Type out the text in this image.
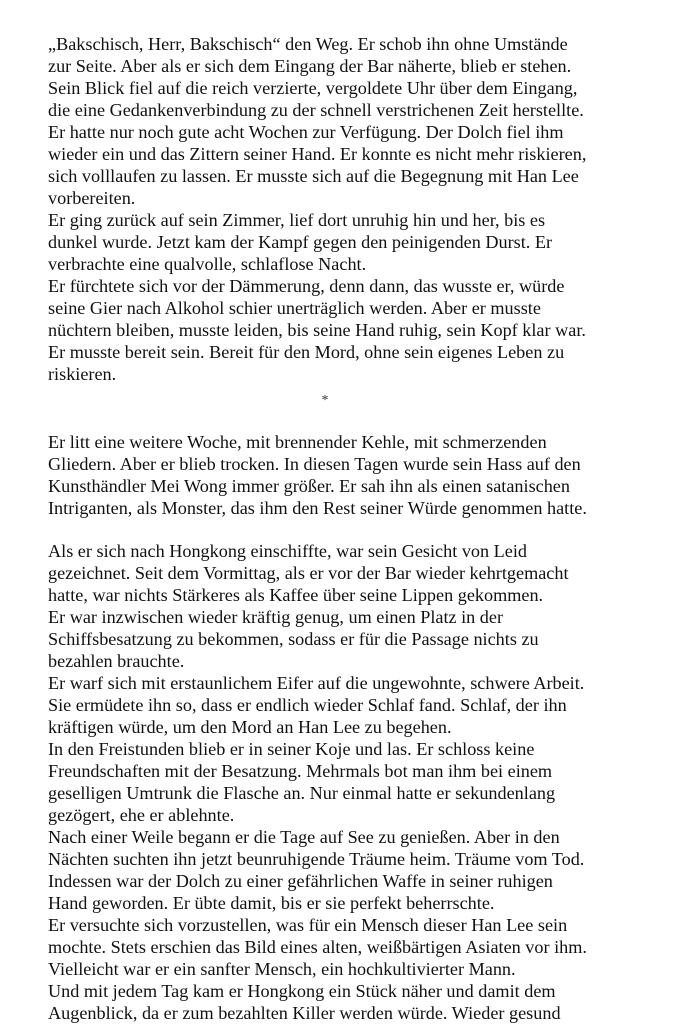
„Bakschisch, Herr, Bakschisch“ den Weg. Er schob ihn ohne Umstände
zur Seite. Aber als er sich dem Eingang der Bar näherte, blieb er stehen.
Sein Blick fiel auf die reich verzierte, vergoldete Uhr über dem Eingang,
die eine Gedankenverbindung zu der schnell verstrichenen Zeit herstellte.
Er hatte nur noch gute acht Wochen zur Verfügung. Der Dolch fiel ihm
wieder ein und das Zittern seiner Hand. Er konnte es nicht mehr riskieren,
sich volllaufen zu lassen. Er musste sich auf die Begegnung mit Han Lee
vorbereiten.
Er ging zurück auf sein Zimmer, lief dort unruhig hin und her, bis es
dunkel wurde. Jetzt kam der Kampf gegen den peinigenden Durst. Er
verbrachte eine qualvolle, schlaflose Nacht.
Er fürchtete sich vor der Dämmerung, denn dann, das wusste er, würde
seine Gier nach Alkohol schier unerträglich werden. Aber er musste
nüchtern bleiben, musste leiden, bis seine Hand ruhig, sein Kopf klar war.
Er musste bereit sein. Bereit für den Mord, ohne sein eigenes Leben zu
riskieren.
*
Er litt eine weitere Woche, mit brennender Kehle, mit schmerzenden
Gliedern. Aber er blieb trocken. In diesen Tagen wurde sein Hass auf den
Kunsthändler Mei Wong immer größer. Er sah ihn als einen satanischen
Intriganten, als Monster, das ihm den Rest seiner Würde genommen hatte.
Als er sich nach Hongkong einschiffte, war sein Gesicht von Leid
gezeichnet. Seit dem Vormittag, als er vor der Bar wieder kehrtgemacht
hatte, war nichts Stärkeres als Kaffee über seine Lippen gekommen.
Er war inzwischen wieder kräftig genug, um einen Platz in der
Schiffsbesatzung zu bekommen, sodass er für die Passage nichts zu
bezahlen brauchte.
Er warf sich mit erstaunlichem Eifer auf die ungewohnte, schwere Arbeit.
Sie ermüdete ihn so, dass er endlich wieder Schlaf fand. Schlaf, der ihn
kräftigen würde, um den Mord an Han Lee zu begehen.
In den Freistunden blieb er in seiner Koje und las. Er schloss keine
Freundschaften mit der Besatzung. Mehrmals bot man ihm bei einem
geselligen Umtrunk die Flasche an. Nur einmal hatte er sekundenlang
gezögert, ehe er ablehnte.
Nach einer Weile begann er die Tage auf See zu genießen. Aber in den
Nächten suchten ihn jetzt beunruhigende Träume heim. Träume vom Tod.
Indessen war der Dolch zu einer gefährlichen Waffe in seiner ruhigen
Hand geworden. Er übte damit, bis er sie perfekt beherrschte.
Er versuchte sich vorzustellen, was für ein Mensch dieser Han Lee sein
mochte. Stets erschien das Bild eines alten, weißbärtigen Asiaten vor ihm.
Vielleicht war er ein sanfter Mensch, ein hochkultivierter Mann.
Und mit jedem Tag kam er Hongkong ein Stück näher und damit dem
Augenblick, da er zum bezahlten Killer werden würde. Wieder gesund
